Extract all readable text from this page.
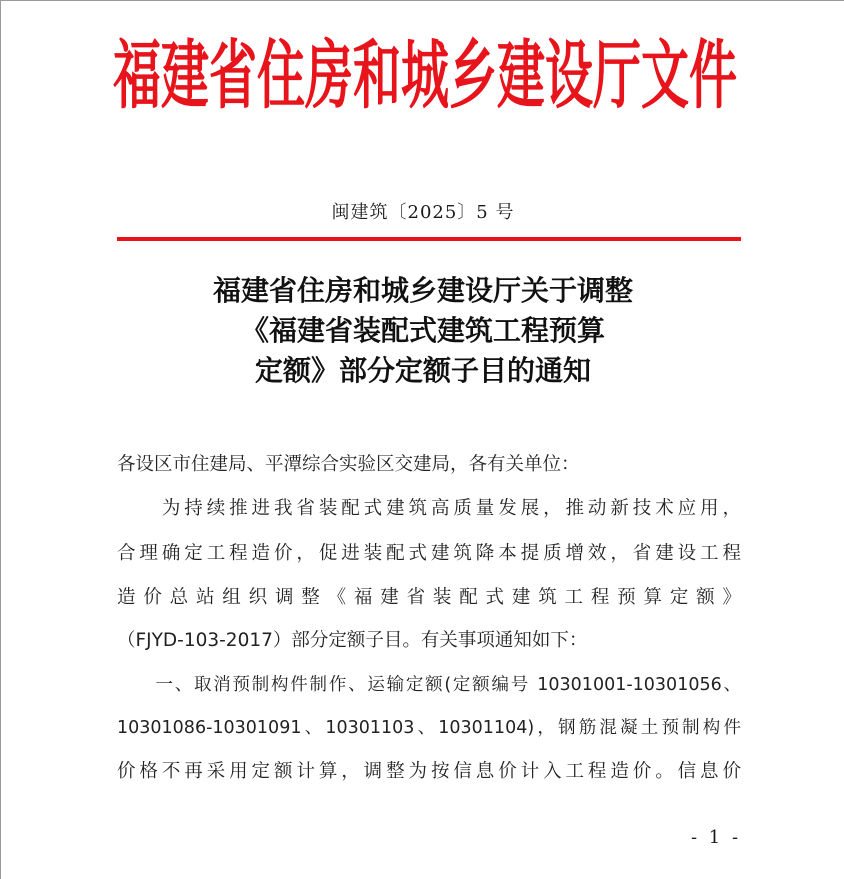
福建省住房和城乡建设厅文件
闽建筑〔2025〕5 号
福建省住房和城乡建设厅关于调整
《福建省装配式建筑工程预算
定额》部分定额子目的通知
各设区市住建局、平潭综合实验区交建局，各有关单位：
　　为持续推进我省装配式建筑高质量发展，推动新技术应用，
合理确定工程造价，促进装配式建筑降本提质增效，省建设工程
造价总站组织调整《福建省装配式建筑工程预算定额》
（FJYD-103-2017）部分定额子目。有关事项通知如下：
　　一、取消预制构件制作、运输定额(定额编号 10301001-10301056、
10301086-10301091、10301103、10301104)，钢筋混凝土预制构件
价格不再采用定额计算，调整为按信息价计入工程造价。信息价
- 1 -
